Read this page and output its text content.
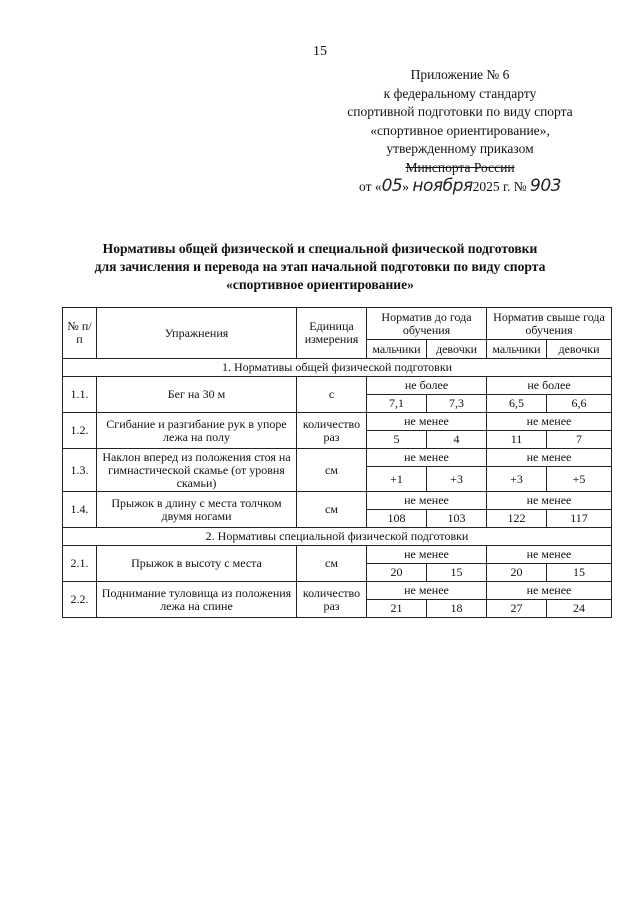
15
Приложение № 6
к федеральному стандарту
спортивной подготовки по виду спорта
«спортивное ориентирование»,
утвержденному приказом
Минспорта России
от «05» ноября2025 г. № 903
Нормативы общей физической и специальной физической подготовки
для зачисления и перевода на этап начальной подготовки по виду спорта
«спортивное ориентирование»
№ п/п	Упражнения	Единица измерения	Норматив до года обучения		Норматив свыше года обучения	
			мальчики	девочки	мальчики	девочки
1. Нормативы общей физической подготовки						
1.1.	Бег на 30 м	с	не более		не более	
			7,1	7,3	6,5	6,6
1.2.	Сгибание и разгибание рук в упоре лежа на полу	количество раз	не менее		не менее	
			5	4	11	7
1.3.	Наклон вперед из положения стоя на гимнастической скамье (от уровня скамьи)	см	не менее		не менее	
			+1	+3	+3	+5
1.4.	Прыжок в длину с места толчком двумя ногами	см	не менее		не менее	
			108	103	122	117
2. Нормативы специальной физической подготовки						
2.1.	Прыжок в высоту с места	см	не менее		не менее	
			20	15	20	15
2.2.	Поднимание туловища из положения лежа на спине	количество раз	не менее		не менее	
			21	18	27	24
